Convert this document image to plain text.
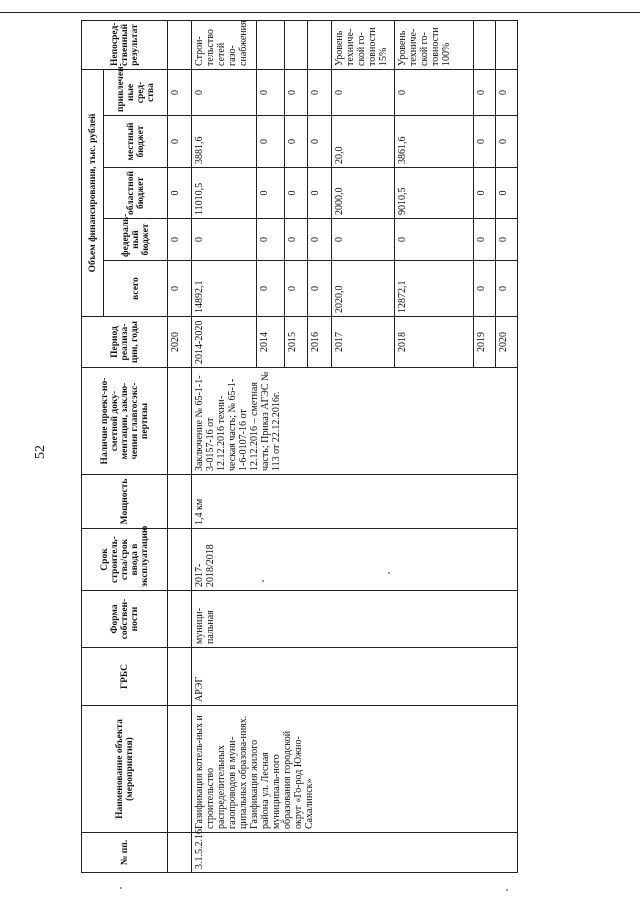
52
№ пп.	Наименование объекта (мероприятия)	ГРБС	Форма собствен-ности	Срок строитель-ства/срок ввода в эксплуатацию	Мощность	Наличие проект-но-сметной доку-ментации, заклю-чения главгосэкс-пертизы	Период реализа-ции, годы	Объем финансирования, тыс. рублей					Непосред-ственный результат
								всего	федераль-ный бюджет	областной бюджет	местный бюджет	привлечен-ные сред-ства	
							2020	0	0	0	0	0	
3.1.5.2.16.	Газификация котель-ных и строительство распределительных газопроводов в муни-ципальных образова-ниях. Газификация жилого района ул. Лесная муниципаль-ного образования городской округ «Го-род Южно-Сахалинск»	АРЭГ	муници-пальная	2017-2018/2018	1,4 км	Заключение № 65-1-1-3-0157-16 от 12.12.2016 техни-ческая часть; № 65-1-1-6-0107-16 от 12.12.2016 – сметная часть; Приказ АГЭС № 113 от 22.12.2016г.	2014-2020	14892,1	0	11010,5	3881,6	0	Строи-тельство сетей газо-снабжения
							2014	0	0	0	0	0	
							2015	0	0	0	0	0	
							2016	0	0	0	0	0	
							2017	2020,0	0	2000,0	20,0	0	Уровень техниче-ской го-товности 15%
							2018	12872,1	0	9010,5	3861,6	0	Уровень техниче-ской го-товности 100%
							2019	0	0	0	0	0	
							2020	0	0	0	0	0	
